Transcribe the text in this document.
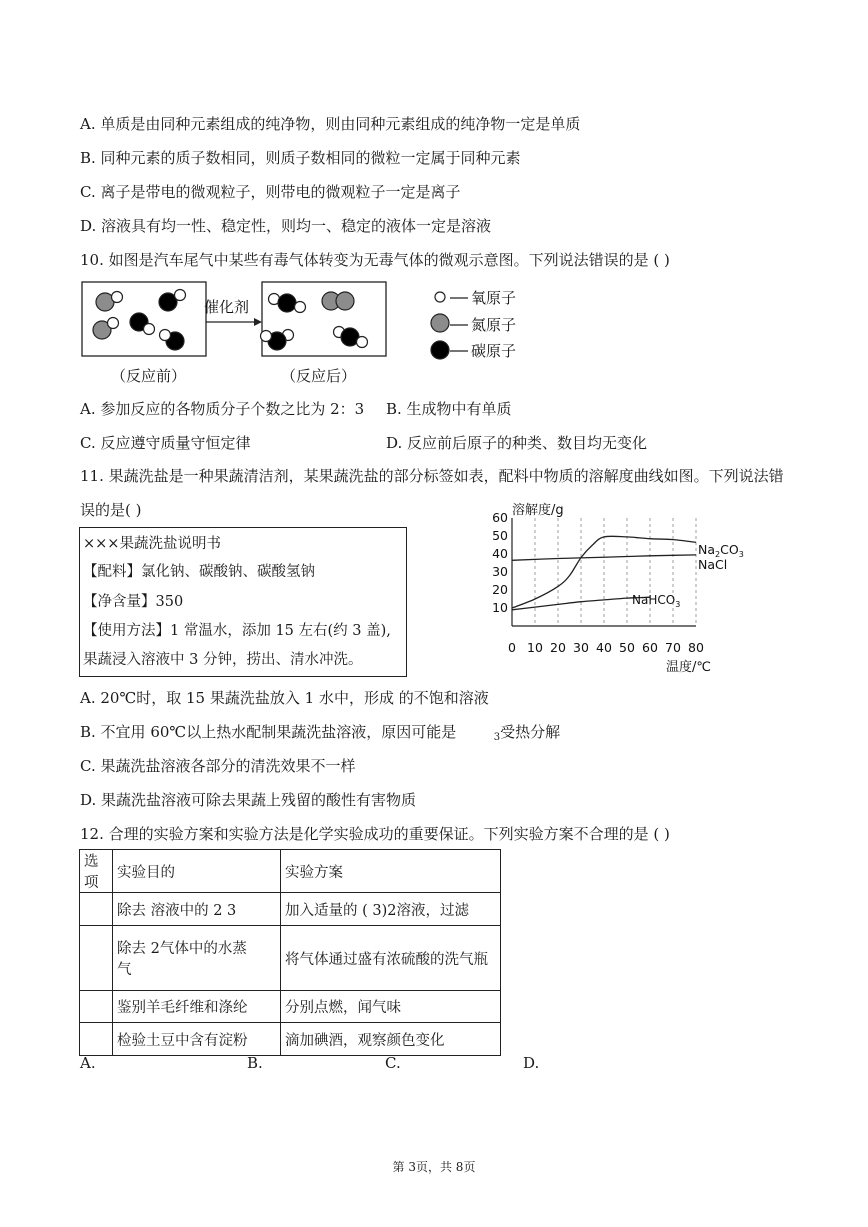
A. 单质是由同种元素组成的纯净物，则由同种元素组成的纯净物一定是单质
B. 同种元素的质子数相同，则质子数相同的微粒一定属于同种元素
C. 离子是带电的微观粒子，则带电的微观粒子一定是离子
D. 溶液具有均一性、稳定性，则均一、稳定的液体一定是溶液
10. 如图是汽车尾气中某些有毒气体转变为无毒气体的微观示意图。下列说法错误的是 ( )
催化剂
（反应前）	（反应后）
氧原子
氮原子
碳原子
A. 参加反应的各物质分子个数之比为 2：3 B. 生成物中有单质
C. 反应遵守质量守恒定律	D. 反应前后原子的种类、数目均无变化
11. 果蔬洗盐是一种果蔬清洁剂，某果蔬洗盐的部分标签如表，配料中物质的溶解度曲线如图。下列说法错
误的是( )
×××果蔬洗盐说明书
【配料】氯化钠、碳酸钠、碳酸氢钠
【净含量】350
【使用方法】1 常温水，添加 15 左右(约 3 盖),
果蔬浸入溶液中 3 分钟，捞出、清水冲洗。
溶解度/g
温度/℃
0 10 20 30 40 50 60 70 80
10
20
30
40
50
60
$Na_2CO_3$
NaCl
NaHCO$_3$
A. 20℃时，取 15 果蔬洗盐放入 1 水中，形成 的不饱和溶液
B. 不宜用 60℃以上热水配制果蔬洗盐溶液，原因可能是   	$_3$受热分解
C. 果蔬洗盐溶液各部分的清洗效果不一样
D. 果蔬洗盐溶液可除去果蔬上残留的酸性有害物质
12. 合理的实验方案和实验方法是化学实验成功的重要保证。下列实验方案不合理的是 ( )
选项	实验目的	实验方案
	除去 溶液中的 2 3	加入适量的 ( 3)2溶液，过滤

	除去 2气体中的水蒸
气	将气体通过盛有浓硫酸的洗气瓶
	鉴别羊毛纤维和涤纶	分别点燃，闻气味
	检验土豆中含有淀粉	滴加碘酒，观察颜色变化
A.	B.	C.	D.
第 3页，共 8页
